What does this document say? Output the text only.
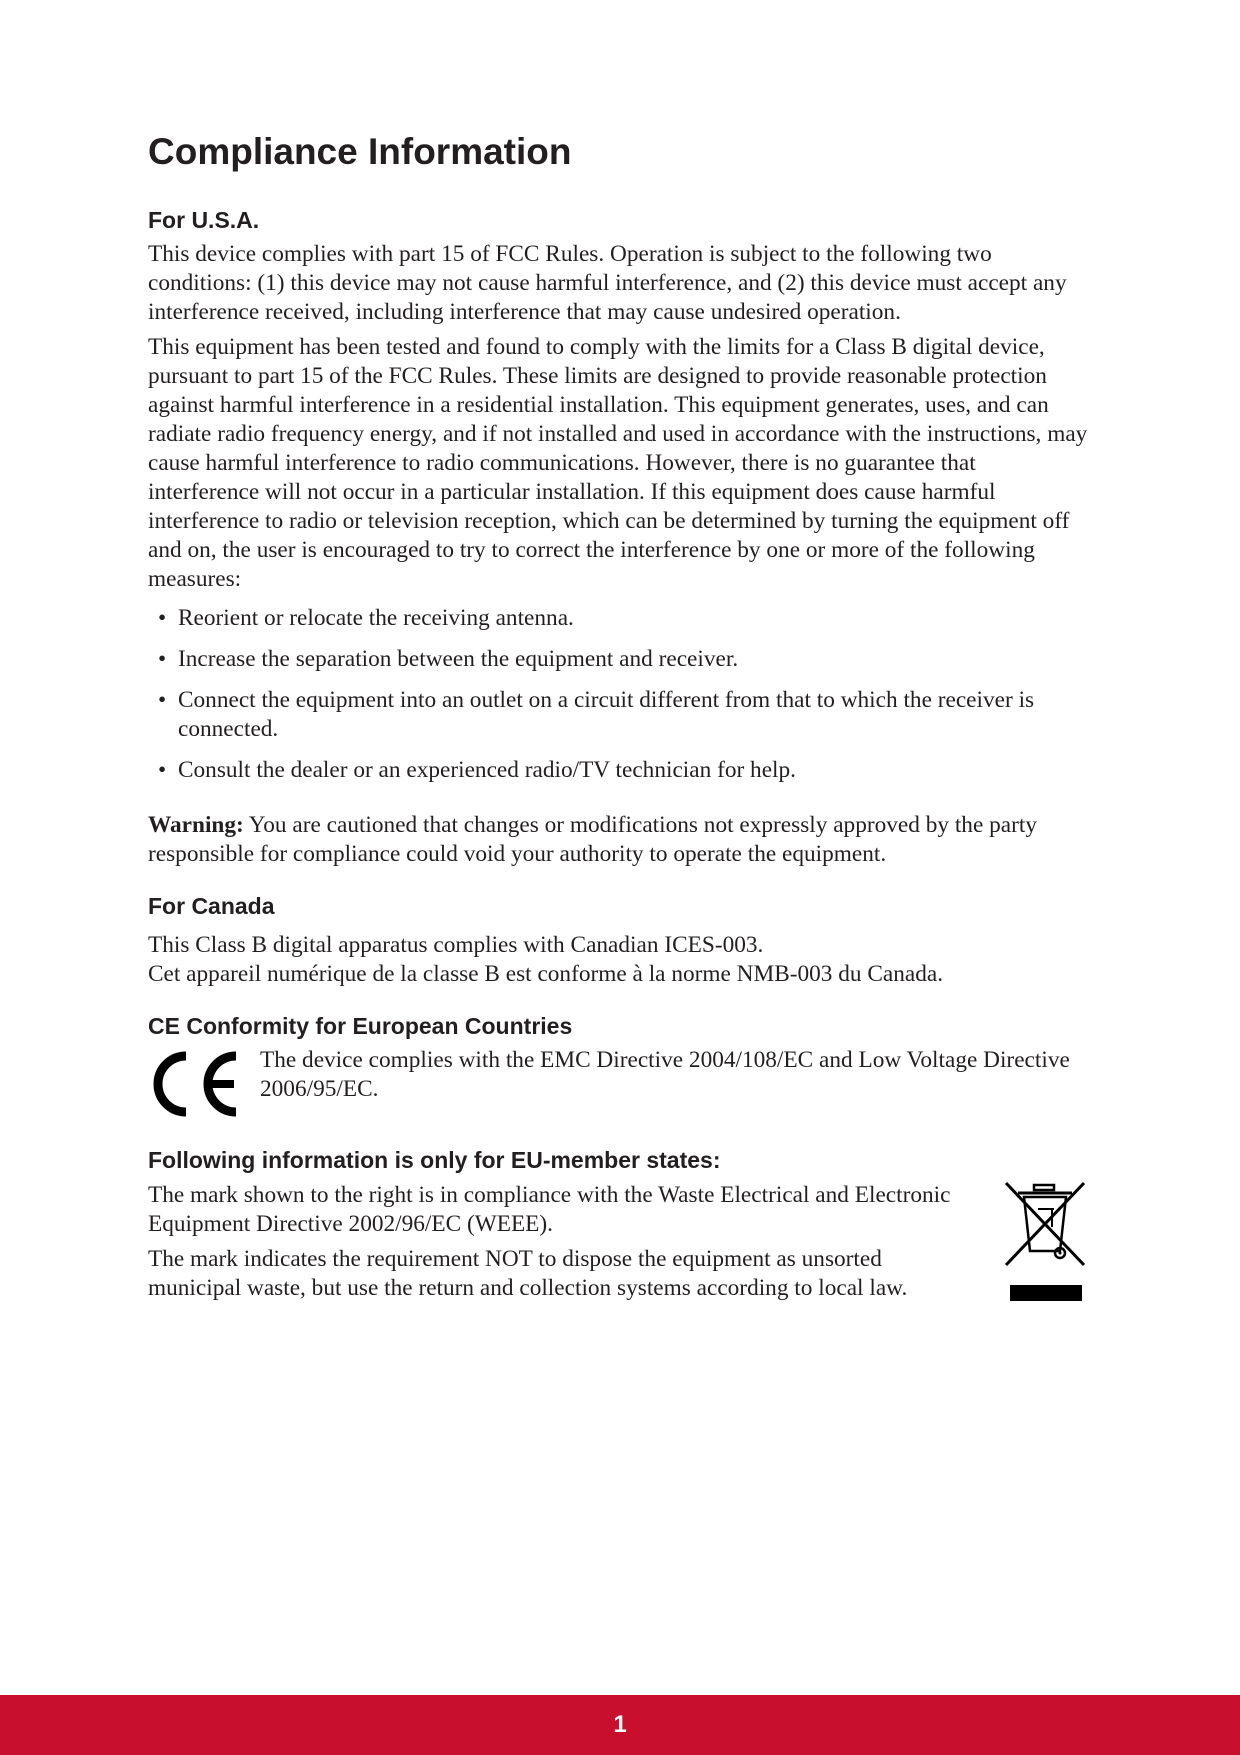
Compliance Information
For U.S.A.

This device complies with part 15 of FCC Rules. Operation is subject to the following two conditions: (1) this device may not cause harmful interference, and (2) this device must accept any interference received, including interference that may cause undesired operation.

This equipment has been tested and found to comply with the limits for a Class B digital device, pursuant to part 15 of the FCC Rules. These limits are designed to provide reasonable protection against harmful interference in a residential installation. This equipment generates, uses, and can radiate radio frequency energy, and if not installed and used in accordance with the instructions, may cause harmful interference to radio communications. However, there is no guarantee that interference will not occur in a particular installation. If this equipment does cause harmful interference to radio or television reception, which can be determined by turning the equipment off and on, the user is encouraged to try to correct the interference by one or more of the following measures:

• Reorient or relocate the receiving antenna.
• Increase the separation between the equipment and receiver.
• Connect the equipment into an outlet on a circuit different from that to which the receiver is connected.
• Consult the dealer or an experienced radio/TV technician for help.

Warning: You are cautioned that changes or modifications not expressly approved by the party responsible for compliance could void your authority to operate the equipment.

For Canada

This Class B digital apparatus complies with Canadian ICES-003.

Cet appareil numérique de la classe B est conforme à la norme NMB-003 du Canada.

CE Conformity for European Countries

The device complies with the EMC Directive 2004/108/EC and Low Voltage Directive 2006/95/EC.

Following information is only for EU-member states:

The mark shown to the right is in compliance with the Waste Electrical and Electronic Equipment Directive 2002/96/EC (WEEE).

The mark indicates the requirement NOT to dispose the equipment as unsorted municipal waste, but use the return and collection systems according to local law.

1
